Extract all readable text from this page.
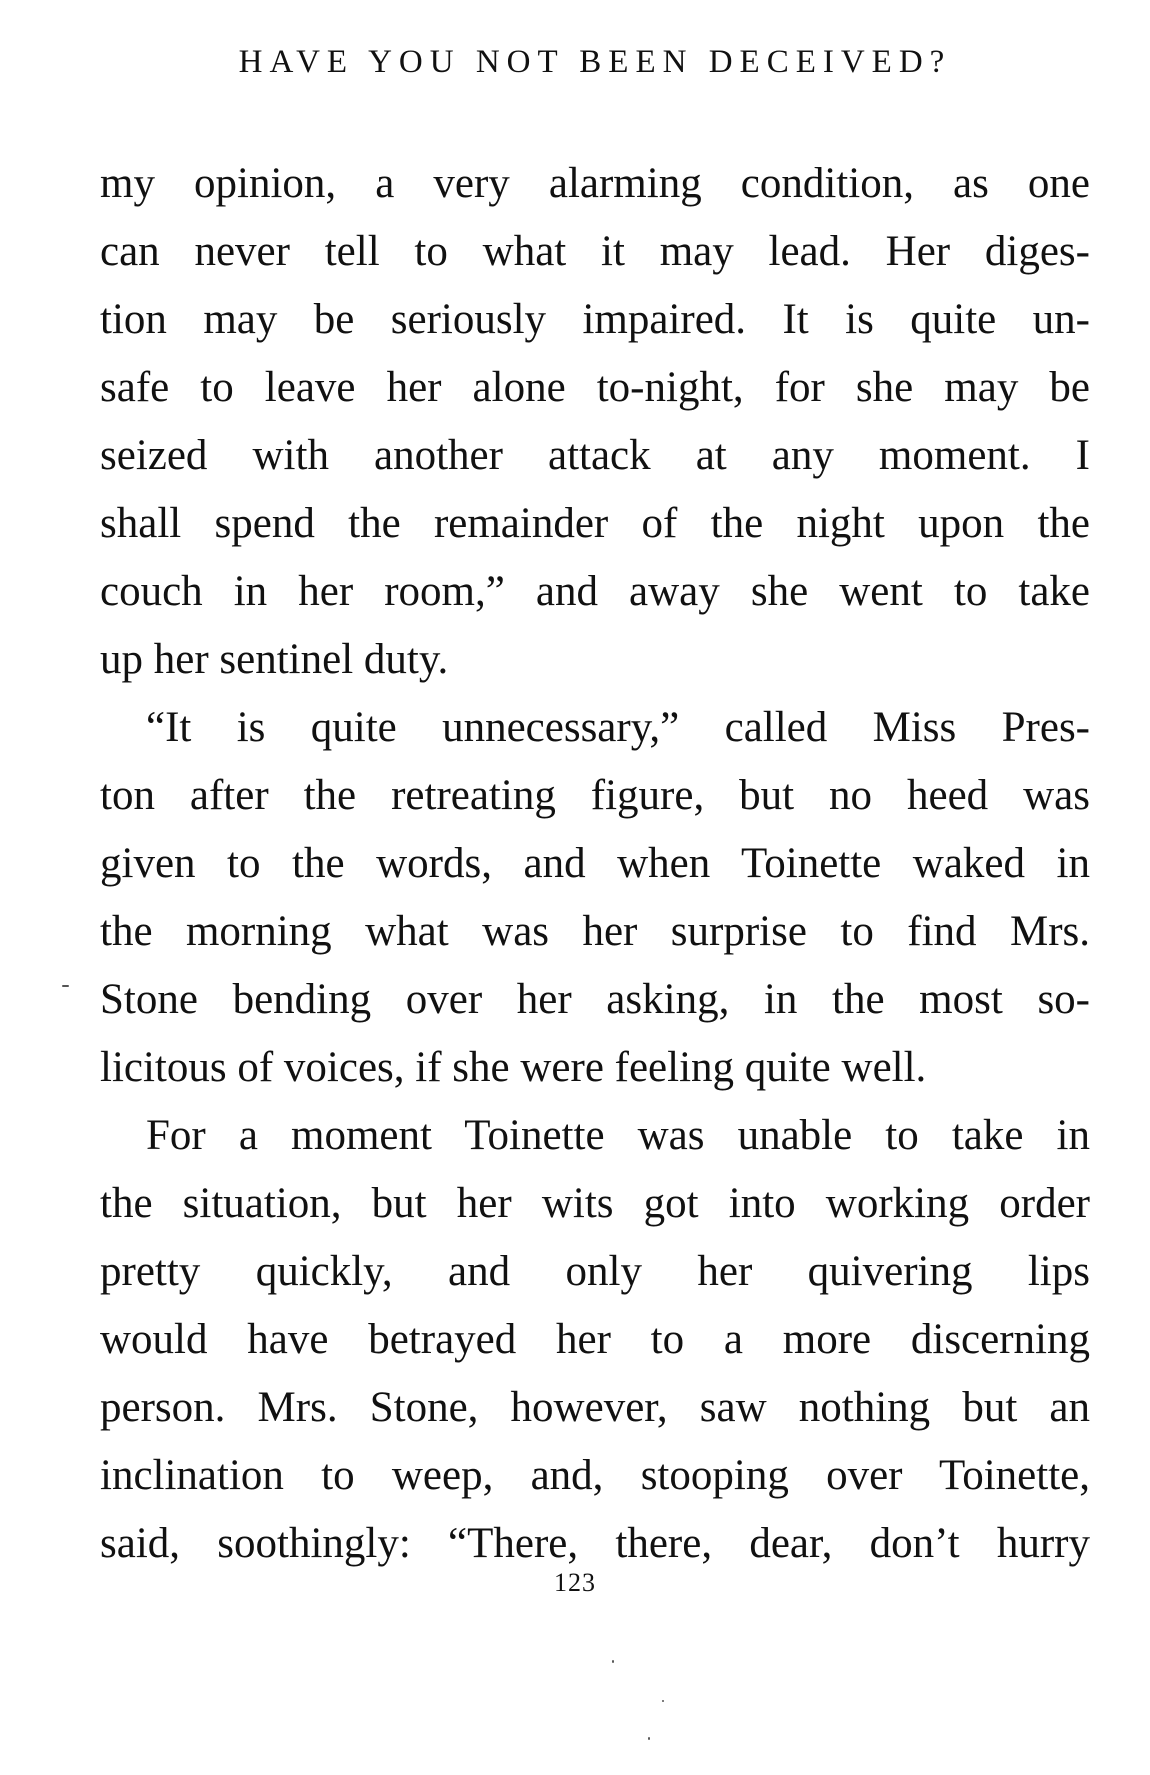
HAVE YOU NOT BEEN DECEIVED?
my opinion, a very alarming condition, as one
can never tell to what it may lead. Her diges-
tion may be seriously impaired. It is quite un-
safe to leave her alone to-night, for she may be
seized with another attack at any moment. I
shall spend the remainder of the night upon the
couch in her room,” and away she went to take
up her sentinel duty.
“It is quite unnecessary,” called Miss Pres-
ton after the retreating figure, but no heed was
given to the words, and when Toinette waked in
the morning what was her surprise to find Mrs.
Stone bending over her asking, in the most so-
licitous of voices, if she were feeling quite well.
For a moment Toinette was unable to take in
the situation, but her wits got into working order
pretty quickly, and only her quivering lips
would have betrayed her to a more discerning
person. Mrs. Stone, however, saw nothing but an
inclination to weep, and, stooping over Toinette,
said, soothingly: “There, there, dear, don’t hurry
123
